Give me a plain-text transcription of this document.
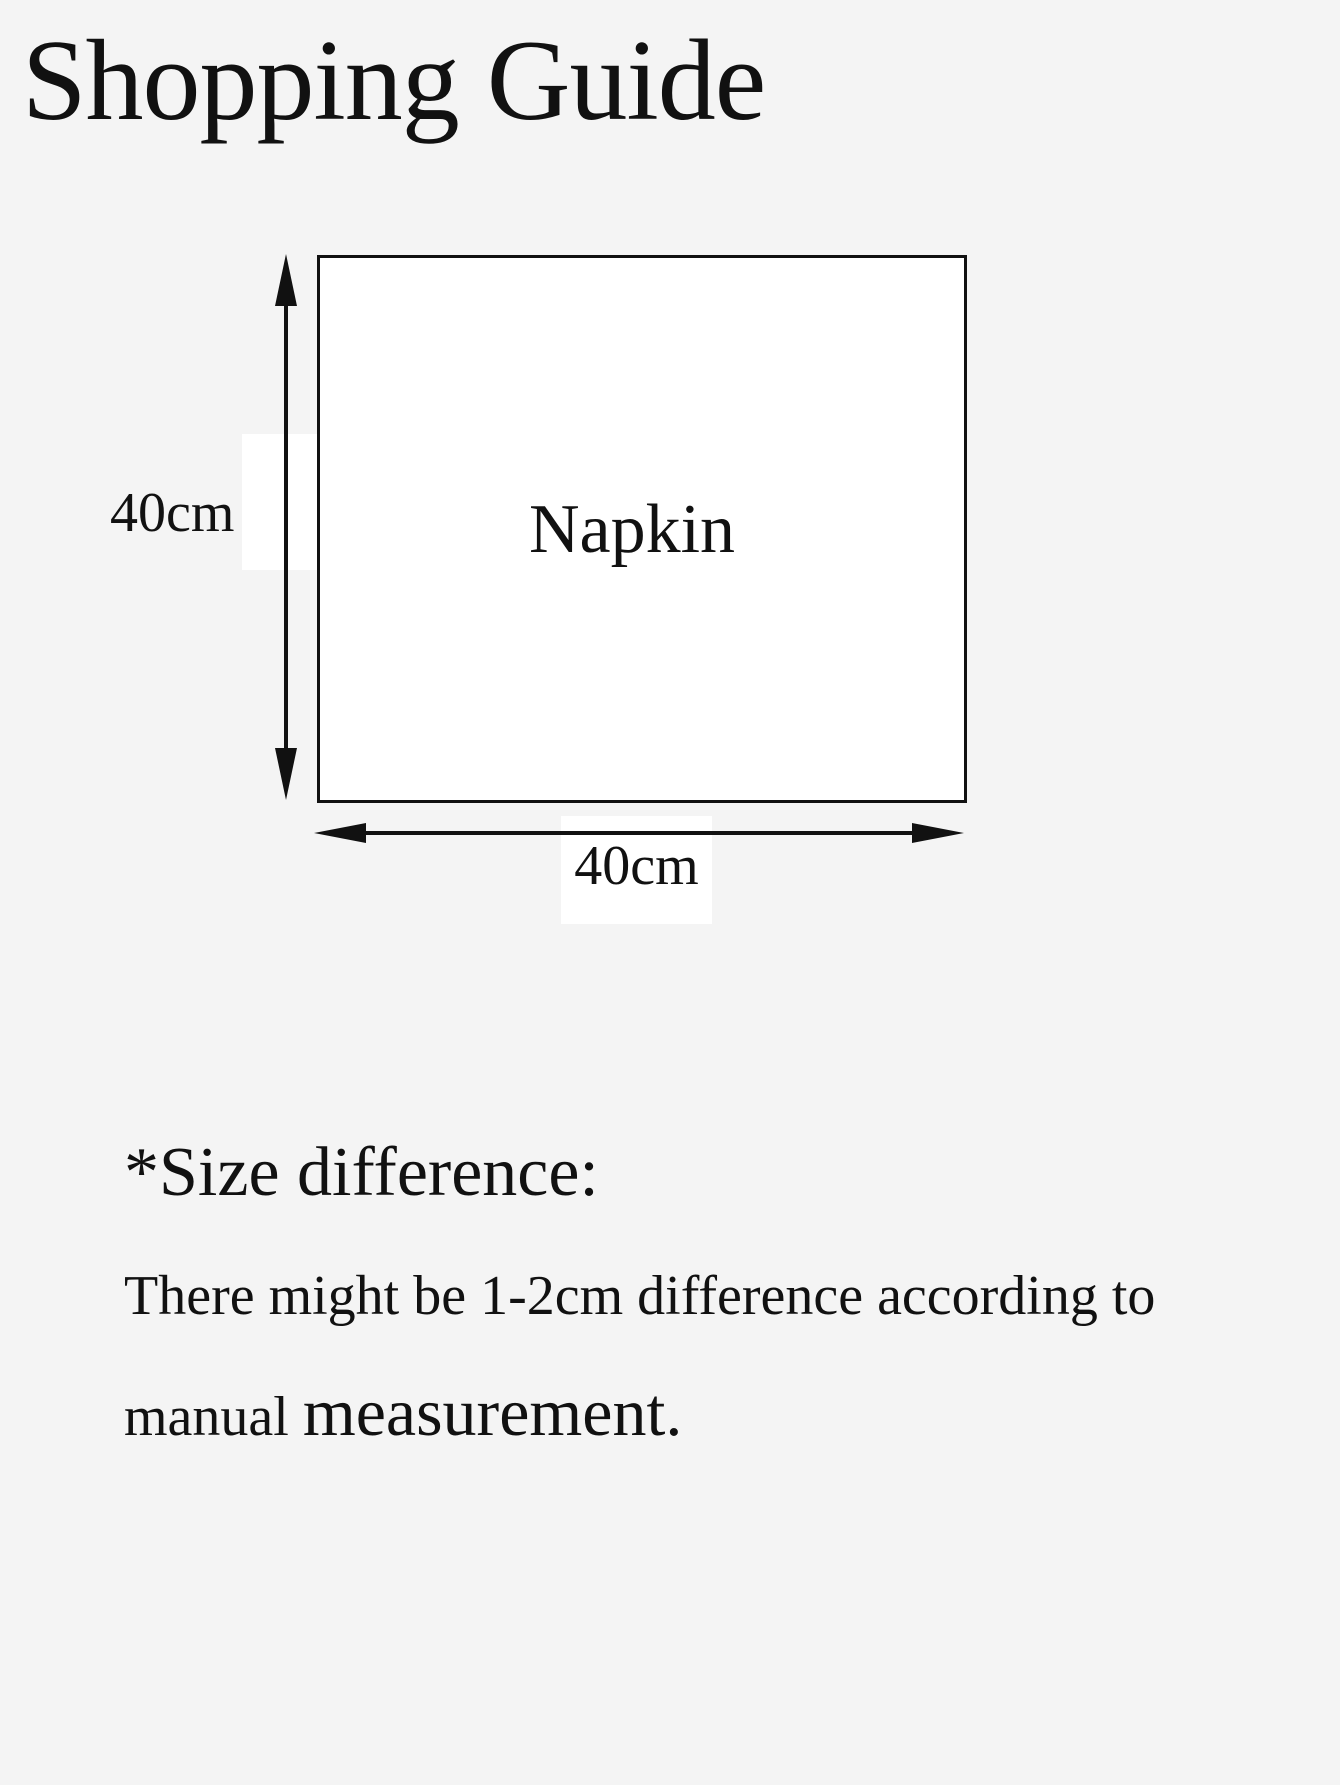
Shopping Guide
Napkin
40cm
40cm
*Size difference:
There might be 1-2cm difference according to
manual measurement.
